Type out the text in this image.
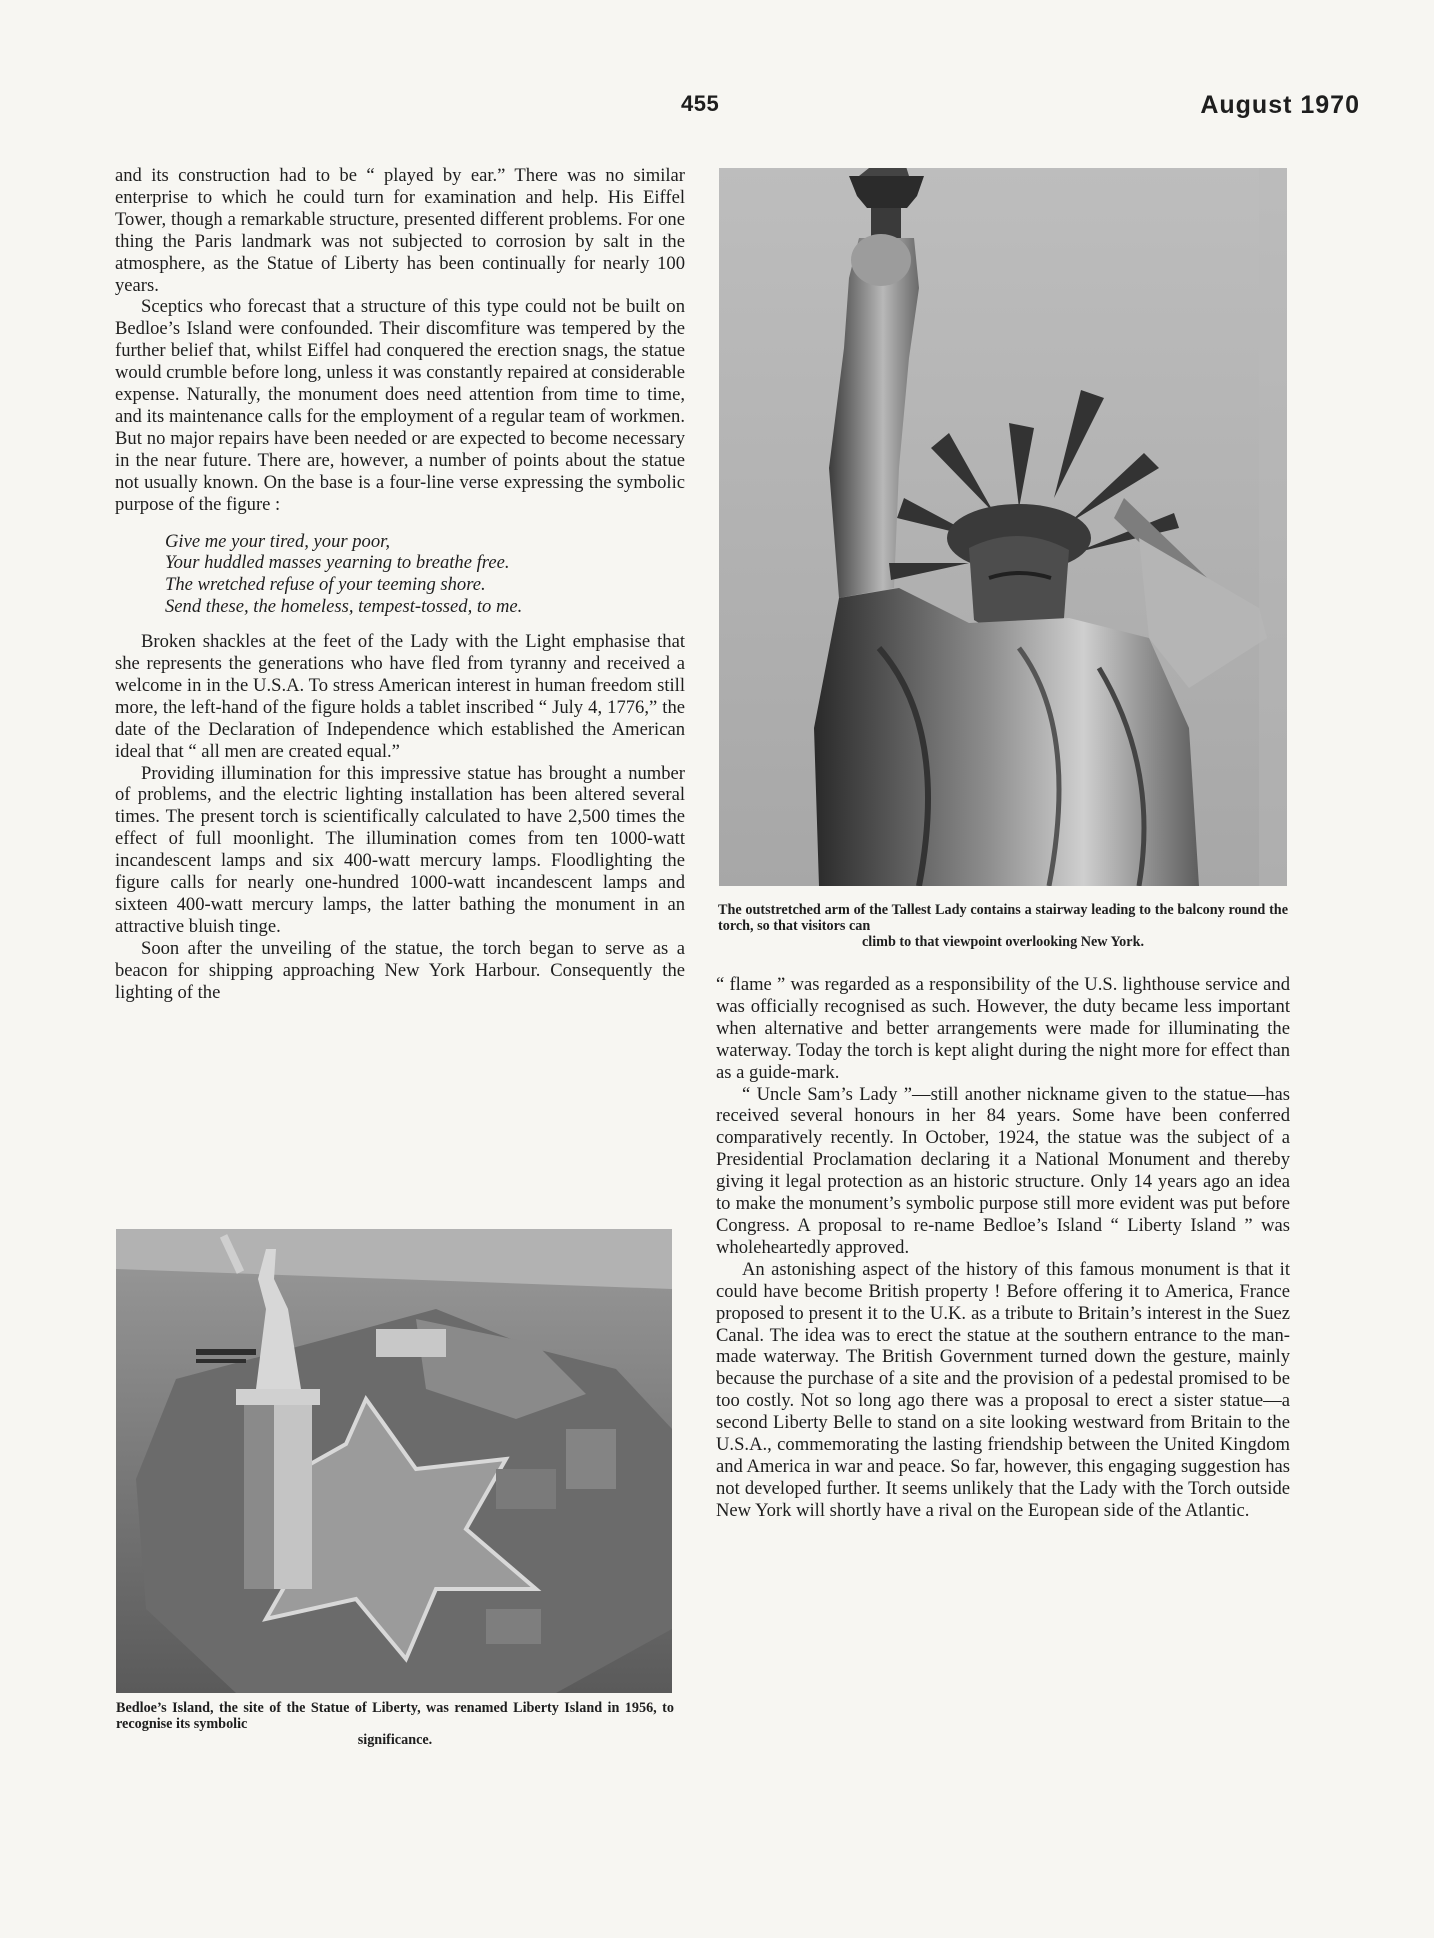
455	August 1970

and its construction had to be “ played by ear.” There was no similar enterprise to which he could turn for examination and help. His Eiffel Tower, though a remarkable structure, presented different problems. For one thing the Paris landmark was not subjected to corrosion by salt in the atmosphere, as the Statue of Liberty has been continually for nearly 100 years.

Sceptics who forecast that a structure of this type could not be built on Bedloe’s Island were confounded. Their discomfiture was tempered by the further belief that, whilst Eiffel had conquered the erection snags, the statue would crumble before long, unless it was constantly repaired at considerable expense. Naturally, the monument does need attention from time to time, and its maintenance calls for the employment of a regular team of workmen. But no major repairs have been needed or are expected to become necessary in the near future. There are, however, a number of points about the statue not usually known. On the base is a four-line verse expressing the symbolic purpose of the figure :

Give me your tired, your poor,
Your huddled masses yearning to breathe free.
The wretched refuse of your teeming shore.
Send these, the homeless, tempest-tossed, to me.

Broken shackles at the feet of the Lady with the Light emphasise that she represents the generations who have fled from tyranny and received a welcome in in the U.S.A. To stress American interest in human freedom still more, the left-hand of the figure holds a tablet inscribed “ July 4, 1776,” the date of the Declaration of Independence which established the American ideal that “ all men are created equal.”

Providing illumination for this impressive statue has brought a number of problems, and the electric lighting installation has been altered several times. The present torch is scientifically calculated to have 2,500 times the effect of full moonlight. The illumination comes from ten 1000-watt incandescent lamps and six 400-watt mercury lamps. Floodlighting the figure calls for nearly one-hundred 1000-watt incandescent lamps and sixteen 400-watt mercury lamps, the latter bathing the monument in an attractive bluish tinge.

Soon after the unveiling of the statue, the torch began to serve as a beacon for shipping approaching New York Harbour. Consequently the lighting of the

The outstretched arm of the Tallest Lady contains a stairway leading to the balcony round the torch, so that visitors can
climb to that viewpoint overlooking New York.

“ flame ” was regarded as a responsibility of the U.S. lighthouse service and was officially recognised as such. However, the duty became less important when alternative and better arrangements were made for illuminating the waterway. Today the torch is kept alight during the night more for effect than as a guide-mark.

“ Uncle Sam’s Lady ”—still another nickname given to the statue—has received several honours in her 84 years. Some have been conferred comparatively recently. In October, 1924, the statue was the subject of a Presidential Proclamation declaring it a National Monument and thereby giving it legal protection as an historic structure. Only 14 years ago an idea to make the monument’s symbolic purpose still more evident was put before Congress. A proposal to re-name Bedloe’s Island “ Liberty Island ” was wholeheartedly approved.

An astonishing aspect of the history of this famous monument is that it could have become British property ! Before offering it to America, France proposed to present it to the U.K. as a tribute to Britain’s interest in the Suez Canal. The idea was to erect the statue at the southern entrance to the man-made waterway. The British Government turned down the gesture, mainly because the purchase of a site and the provision of a pedestal promised to be too costly. Not so long ago there was a proposal to erect a sister statue—a second Liberty Belle to stand on a site looking westward from Britain to the U.S.A., commemorating the lasting friendship between the United Kingdom and America in war and peace. So far, however, this engaging suggestion has not developed further. It seems unlikely that the Lady with the Torch outside New York will shortly have a rival on the European side of the Atlantic.

Bedloe’s Island, the site of the Statue of Liberty, was renamed Liberty Island in 1956, to recognise its symbolic
significance.
